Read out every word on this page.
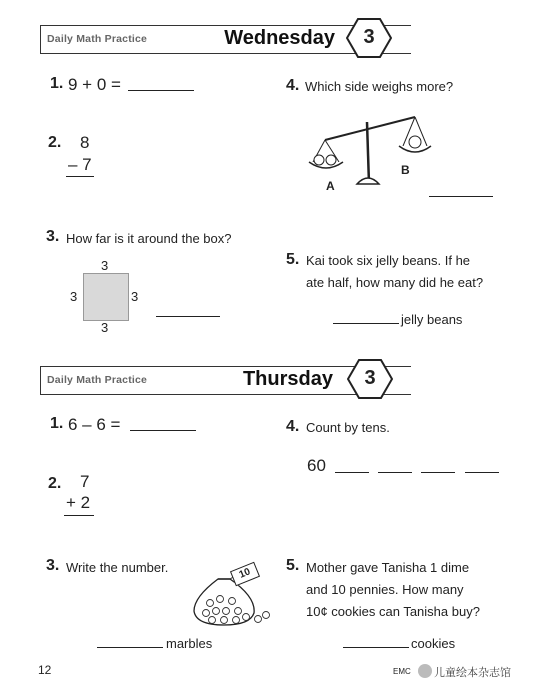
Daily Math Practice	Wednesday	3
1. 9 + 0 =
2. 8
– 7
3. How far is it around the box?
3
3	3
3
4. Which side weighs more?
A
B
5. Kai took six jelly beans. If he
ate half, how many did he eat?
jelly beans
Daily Math Practice	Thursday	3
1. 6 – 6 =
2. 7
+ 2
3. Write the number.	10
marbles
4. Count by tens.
60
5. Mother gave Tanisha 1 dime
and 10 pennies. How many
10¢ cookies can Tanisha buy?
cookies
12	EMC 儿童绘本杂志馆
